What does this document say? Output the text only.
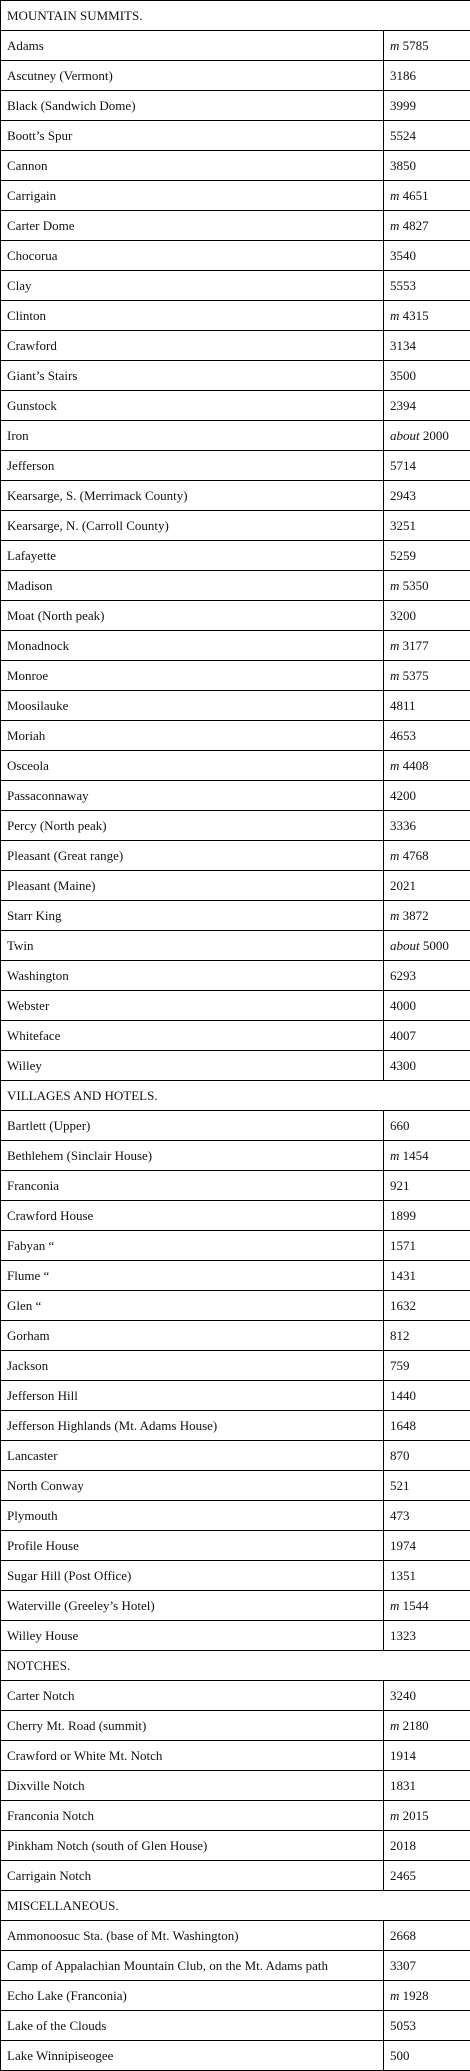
MOUNTAIN SUMMITS.	
Adams	m 5785
Ascutney (Vermont)	3186
Black (Sandwich Dome)	3999
Boott’s Spur	5524
Cannon	3850
Carrigain	m 4651
Carter Dome	m 4827
Chocorua	3540
Clay	5553
Clinton	m 4315
Crawford	3134
Giant’s Stairs	3500
Gunstock	2394
Iron	about 2000
Jefferson	5714
Kearsarge, S. (Merrimack County)	2943
Kearsarge, N. (Carroll County)	3251
Lafayette	5259
Madison	m 5350
Moat (North peak)	3200
Monadnock	m 3177
Monroe	m 5375
Moosilauke	4811
Moriah	4653
Osceola	m 4408
Passaconnaway	4200
Percy (North peak)	3336
Pleasant (Great range)	m 4768
Pleasant (Maine)	2021
Starr King	m 3872
Twin	about 5000
Washington	6293
Webster	4000
Whiteface	4007
Willey	4300
VILLAGES AND HOTELS.	
Bartlett (Upper)	660
Bethlehem (Sinclair House)	m 1454
Franconia	921
Crawford House	1899
Fabyan “	1571
Flume “	1431
Glen “	1632
Gorham	812
Jackson	759
Jefferson Hill	1440
Jefferson Highlands (Mt. Adams House)	1648
Lancaster	870
North Conway	521
Plymouth	473
Profile House	1974
Sugar Hill (Post Office)	1351
Waterville (Greeley’s Hotel)	m 1544
Willey House	1323
NOTCHES.	
Carter Notch	3240
Cherry Mt. Road (summit)	m 2180
Crawford or White Mt. Notch	1914
Dixville Notch	1831
Franconia Notch	m 2015
Pinkham Notch (south of Glen House)	2018
Carrigain Notch	2465
MISCELLANEOUS.	
Ammonoosuc Sta. (base of Mt. Washington)	2668
Camp of Appalachian Mountain Club, on the Mt. Adams path	3307
Echo Lake (Franconia)	m 1928
Lake of the Clouds	5053
Lake Winnipiseogee	500
